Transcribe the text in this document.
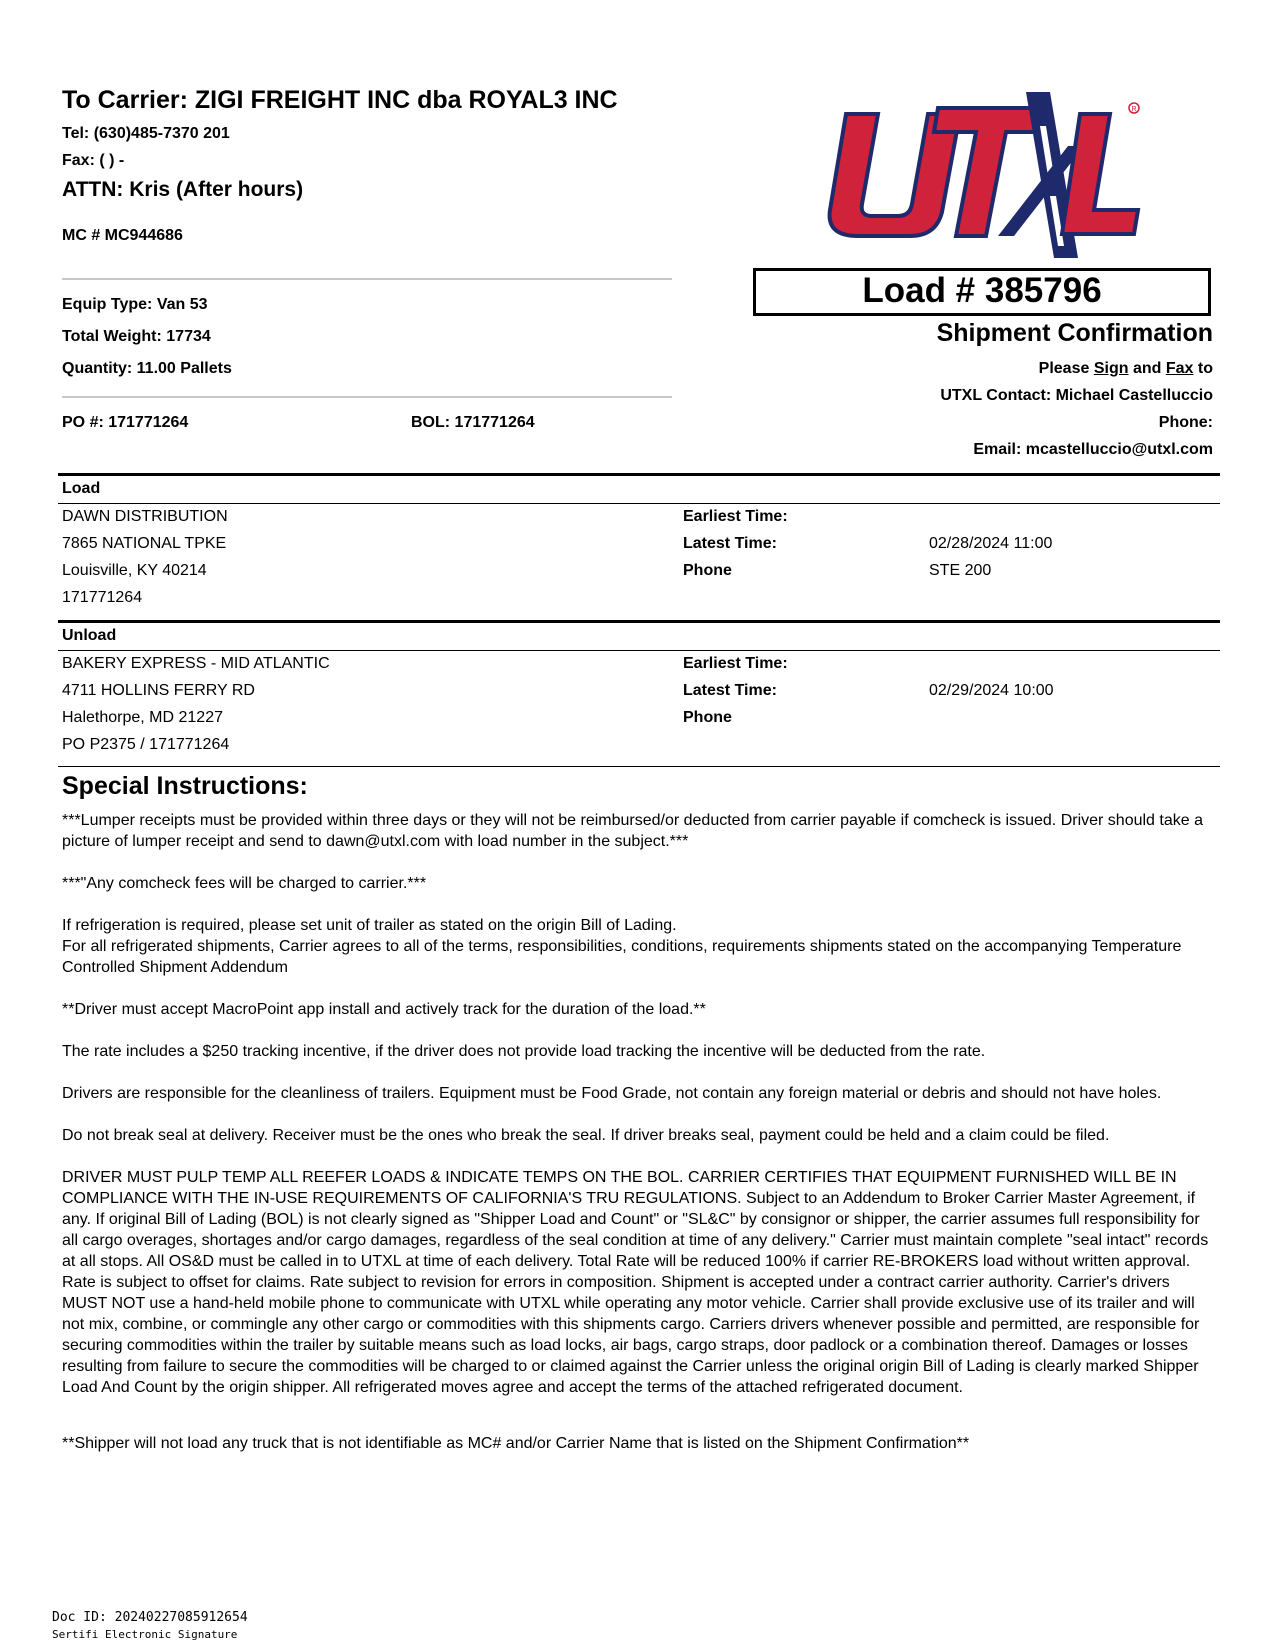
To Carrier: ZIGI FREIGHT INC dba ROYAL3 INC
Tel: (630)485-7370 201
Fax: ( ) -
ATTN: Kris (After hours)
MC # MC944686
Equip Type: Van 53
Total Weight: 17734
Quantity: 11.00 Pallets
PO #: 171771264	BOL: 171771264
R
Load # 385796
Shipment Confirmation
Please Sign and Fax to
UTXL Contact: Michael Castelluccio
Phone:
Email: mcastelluccio@utxl.com
Load
DAWN DISTRIBUTION
7865 NATIONAL TPKE
Louisville, KY 40214
171771264
Earliest Time:
Latest Time:	02/28/2024 11:00
Phone	STE 200
Unload
BAKERY EXPRESS - MID ATLANTIC
4711 HOLLINS FERRY RD
Halethorpe, MD 21227
PO P2375 / 171771264
Earliest Time:
Latest Time:	02/29/2024 10:00
Phone
Special Instructions:

***Lumper receipts must be provided within three days or they will not be reimbursed/or deducted from carrier payable if comcheck is issued. Driver should take a picture of lumper receipt and send to dawn@utxl.com with load number in the subject.***

***"Any comcheck fees will be charged to carrier.***

If refrigeration is required, please set unit of trailer as stated on the origin Bill of Lading.
For all refrigerated shipments, Carrier agrees to all of the terms, responsibilities, conditions, requirements shipments stated on the accompanying Temperature Controlled Shipment Addendum

**Driver must accept MacroPoint app install and actively track for the duration of the load.**

The rate includes a $250 tracking incentive, if the driver does not provide load tracking the incentive will be deducted from the rate.

Drivers are responsible for the cleanliness of trailers. Equipment must be Food Grade, not contain any foreign material or debris and should not have holes.

Do not break seal at delivery. Receiver must be the ones who break the seal. If driver breaks seal, payment could be held and a claim could be filed.

DRIVER MUST PULP TEMP ALL REEFER LOADS & INDICATE TEMPS ON THE BOL. CARRIER CERTIFIES THAT EQUIPMENT FURNISHED WILL BE IN COMPLIANCE WITH THE IN-USE REQUIREMENTS OF CALIFORNIA'S TRU REGULATIONS. Subject to an Addendum to Broker Carrier Master Agreement, if any. If original Bill of Lading (BOL) is not clearly signed as "Shipper Load and Count" or "SL&C" by consignor or shipper, the carrier assumes full responsibility for all cargo overages, shortages and/or cargo damages, regardless of the seal condition at time of any delivery." Carrier must maintain complete "seal intact" records at all stops. All OS&D must be called in to UTXL at time of each delivery. Total Rate will be reduced 100% if carrier RE-BROKERS load without written approval. Rate is subject to offset for claims. Rate subject to revision for errors in composition. Shipment is accepted under a contract carrier authority. Carrier's drivers MUST NOT use a hand-held mobile phone to communicate with UTXL while operating any motor vehicle. Carrier shall provide exclusive use of its trailer and will not mix, combine, or commingle any other cargo or commodities with this shipments cargo. Carriers drivers whenever possible and permitted, are responsible for securing commodities within the trailer by suitable means such as load locks, air bags, cargo straps, door padlock or a combination thereof. Damages or losses resulting from failure to secure the commodities will be charged to or claimed against the Carrier unless the original origin Bill of Lading is clearly marked Shipper Load And Count by the origin shipper. All refrigerated moves agree and accept the terms of the attached refrigerated document.

**Shipper will not load any truck that is not identifiable as MC# and/or Carrier Name that is listed on the Shipment Confirmation**

Doc ID: 20240227085912654
Sertifi Electronic Signature
